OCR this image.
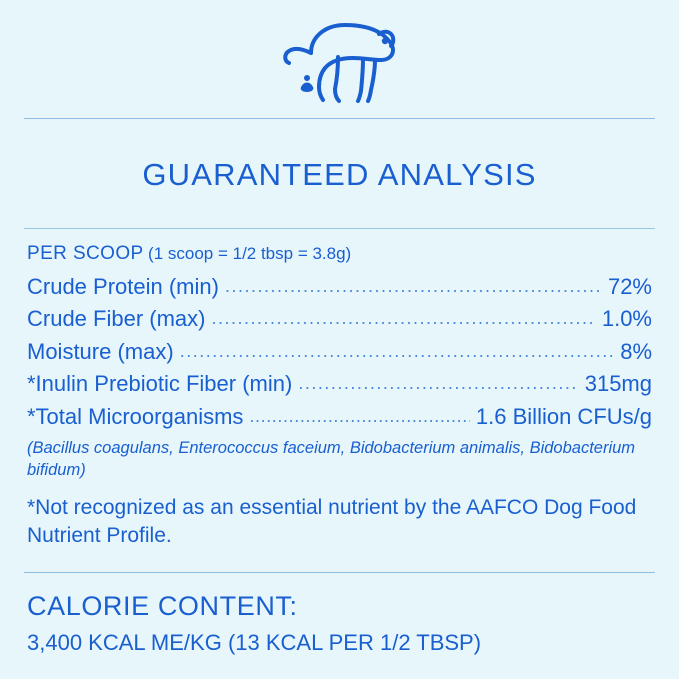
GUARANTEED ANALYSIS
PER SCOOP (1 scoop = 1/2 tbsp = 3.8g)
Crude Protein (min) .....	72%
Crude Fiber (max) .....	1.0%
Moisture (max) .....	8%
*Inulin Prebiotic Fiber (min) .....	315mg
*Total Microorganisms .....	1.6 Billion CFUs/g
(Bacillus coagulans, Enterococcus faceium, Bidobacterium animalis, Bidobacterium bifidum)
*Not recognized as an essential nutrient by the AAFCO Dog Food Nutrient Profile.
CALORIE CONTENT:
3,400 KCAL ME/KG (13 KCAL PER 1/2 TBSP)
